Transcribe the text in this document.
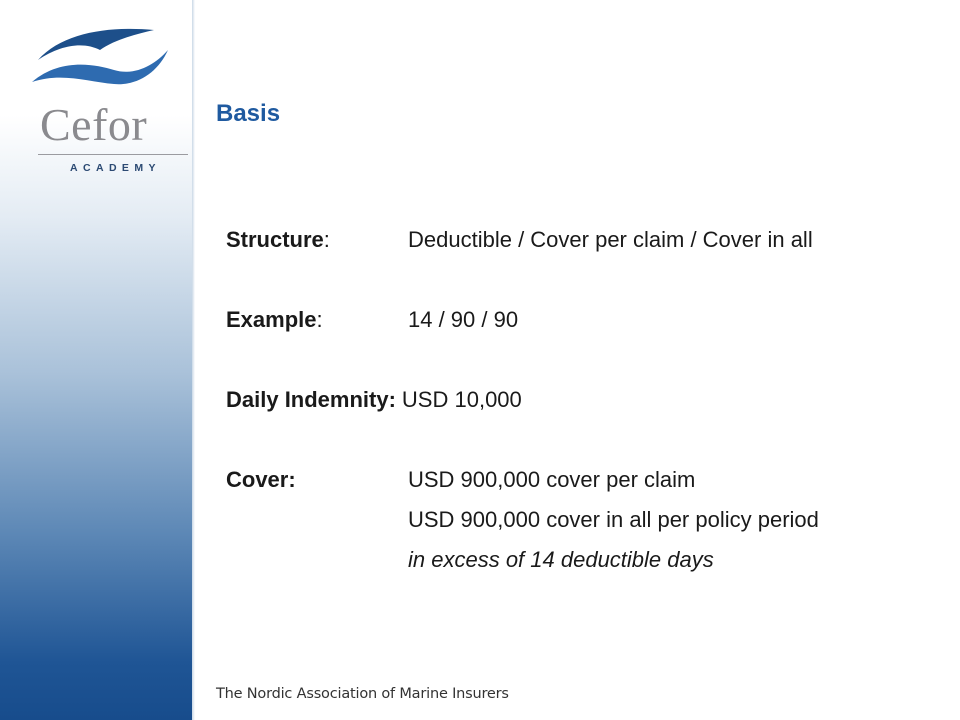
Cefor
ACADEMY
Basis
Structure:	Deductible / Cover per claim / Cover in all
Example:	14 / 90 / 90
Daily Indemnity: USD 10,000
Cover:	USD 900,000 cover per claim
USD 900,000 cover in all per policy period
in excess of 14 deductible days
The Nordic Association of Marine Insurers
